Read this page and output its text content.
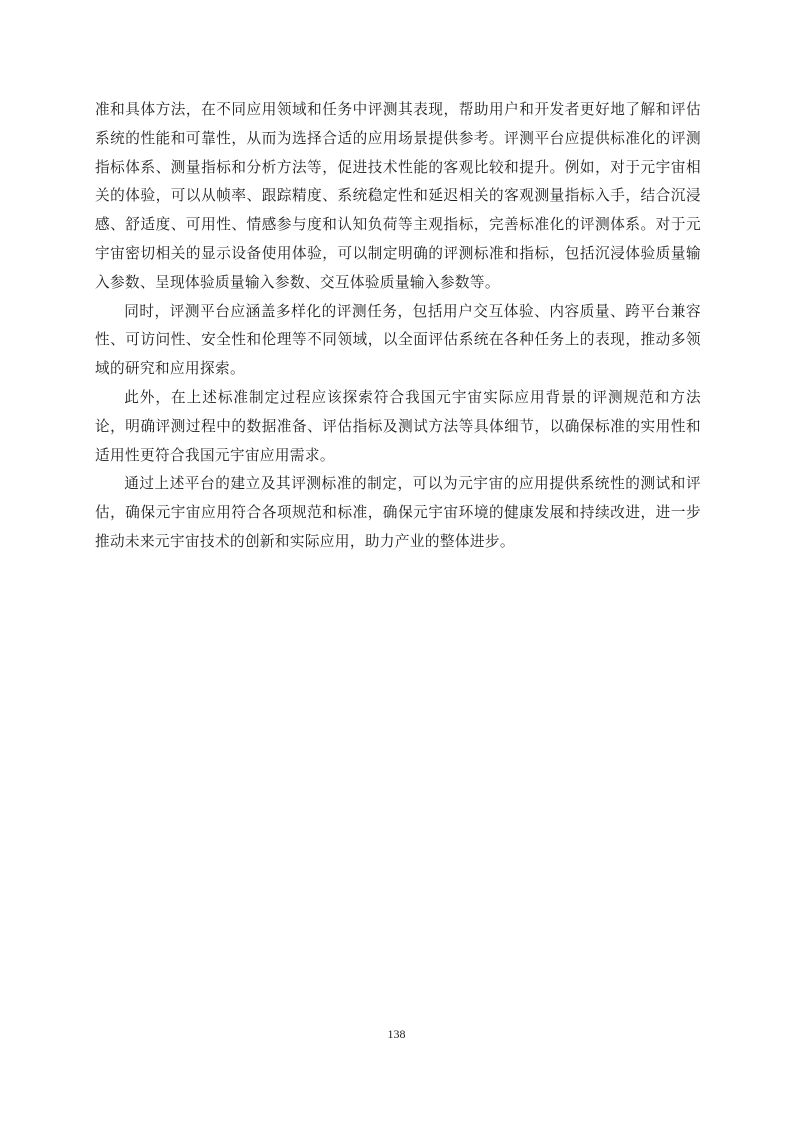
准和具体方法，在不同应用领域和任务中评测其表现，帮助用户和开发者更好地了解和评估系统的性能和可靠性，从而为选择合适的应用场景提供参考。评测平台应提供标准化的评测指标体系、测量指标和分析方法等，促进技术性能的客观比较和提升。例如，对于元宇宙相关的体验，可以从帧率、跟踪精度、系统稳定性和延迟相关的客观测量指标入手，结合沉浸感、舒适度、可用性、情感参与度和认知负荷等主观指标，完善标准化的评测体系。对于元宇宙密切相关的显示设备使用体验，可以制定明确的评测标准和指标，包括沉浸体验质量输入参数、呈现体验质量输入参数、交互体验质量输入参数等。

同时，评测平台应涵盖多样化的评测任务，包括用户交互体验、内容质量、跨平台兼容性、可访问性、安全性和伦理等不同领域，以全面评估系统在各种任务上的表现，推动多领域的研究和应用探索。

此外，在上述标准制定过程应该探索符合我国元宇宙实际应用背景的评测规范和方法论，明确评测过程中的数据准备、评估指标及测试方法等具体细节，以确保标准的实用性和适用性更符合我国元宇宙应用需求。

通过上述平台的建立及其评测标准的制定，可以为元宇宙的应用提供系统性的测试和评估，确保元宇宙应用符合各项规范和标准，确保元宇宙环境的健康发展和持续改进，进一步推动未来元宇宙技术的创新和实际应用，助力产业的整体进步。

138
